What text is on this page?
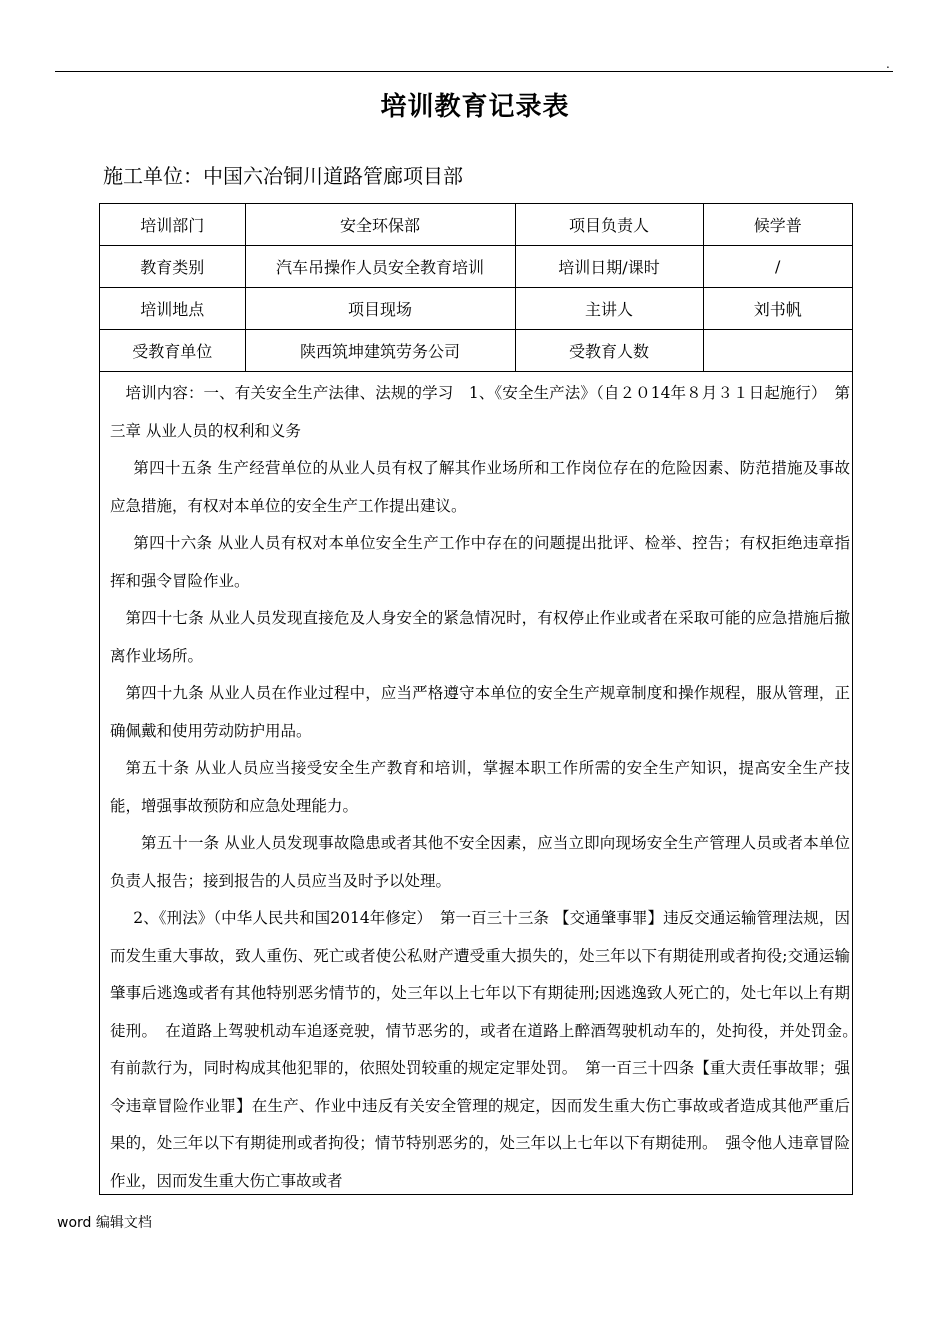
.
培训教育记录表
施工单位：中国六冶铜川道路管廊项目部
培训部门	安全环保部	项目负责人	候学普
教育类别	汽车吊操作人员安全教育培训	培训日期/课时	/
培训地点	项目现场	主讲人	刘书帆
受教育单位	陕西筑坤建筑劳务公司	受教育人数	

培训内容：一、有关安全生产法律、法规的学习　1、《安全生产法》（自２０14年８月３１日起施行）　第三章 从业人员的权利和义务

第四十五条 生产经营单位的从业人员有权了解其作业场所和工作岗位存在的危险因素、防范措施及事故应急措施，有权对本单位的安全生产工作提出建议。

第四十六条 从业人员有权对本单位安全生产工作中存在的问题提出批评、检举、控告；有权拒绝违章指挥和强令冒险作业。

第四十七条 从业人员发现直接危及人身安全的紧急情况时，有权停止作业或者在采取可能的应急措施后撤离作业场所。

第四十九条 从业人员在作业过程中，应当严格遵守本单位的安全生产规章制度和操作规程，服从管理，正确佩戴和使用劳动防护用品。

第五十条 从业人员应当接受安全生产教育和培训，掌握本职工作所需的安全生产知识，提高安全生产技能，增强事故预防和应急处理能力。

第五十一条 从业人员发现事故隐患或者其他不安全因素，应当立即向现场安全生产管理人员或者本单位负责人报告；接到报告的人员应当及时予以处理。

2、《刑法》（中华人民共和国2014年修定）　第一百三十三条 【交通肇事罪】违反交通运输管理法规，因而发生重大事故，致人重伤、死亡或者使公私财产遭受重大损失的，处三年以下有期徒刑或者拘役;交通运输肇事后逃逸或者有其他特别恶劣情节的，处三年以上七年以下有期徒刑;因逃逸致人死亡的，处七年以上有期徒刑。　在道路上驾驶机动车追逐竞驶，情节恶劣的，或者在道路上醉酒驾驶机动车的，处拘役，并处罚金。　有前款行为，同时构成其他犯罪的，依照处罚较重的规定定罪处罚。　第一百三十四条【重大责任事故罪；强令违章冒险作业罪】在生产、作业中违反有关安全管理的规定，因而发生重大伤亡事故或者造成其他严重后果的，处三年以下有期徒刑或者拘役；情节特别恶劣的，处三年以上七年以下有期徒刑。　强令他人违章冒险作业，因而发生重大伤亡事故或者

word 编辑文档
